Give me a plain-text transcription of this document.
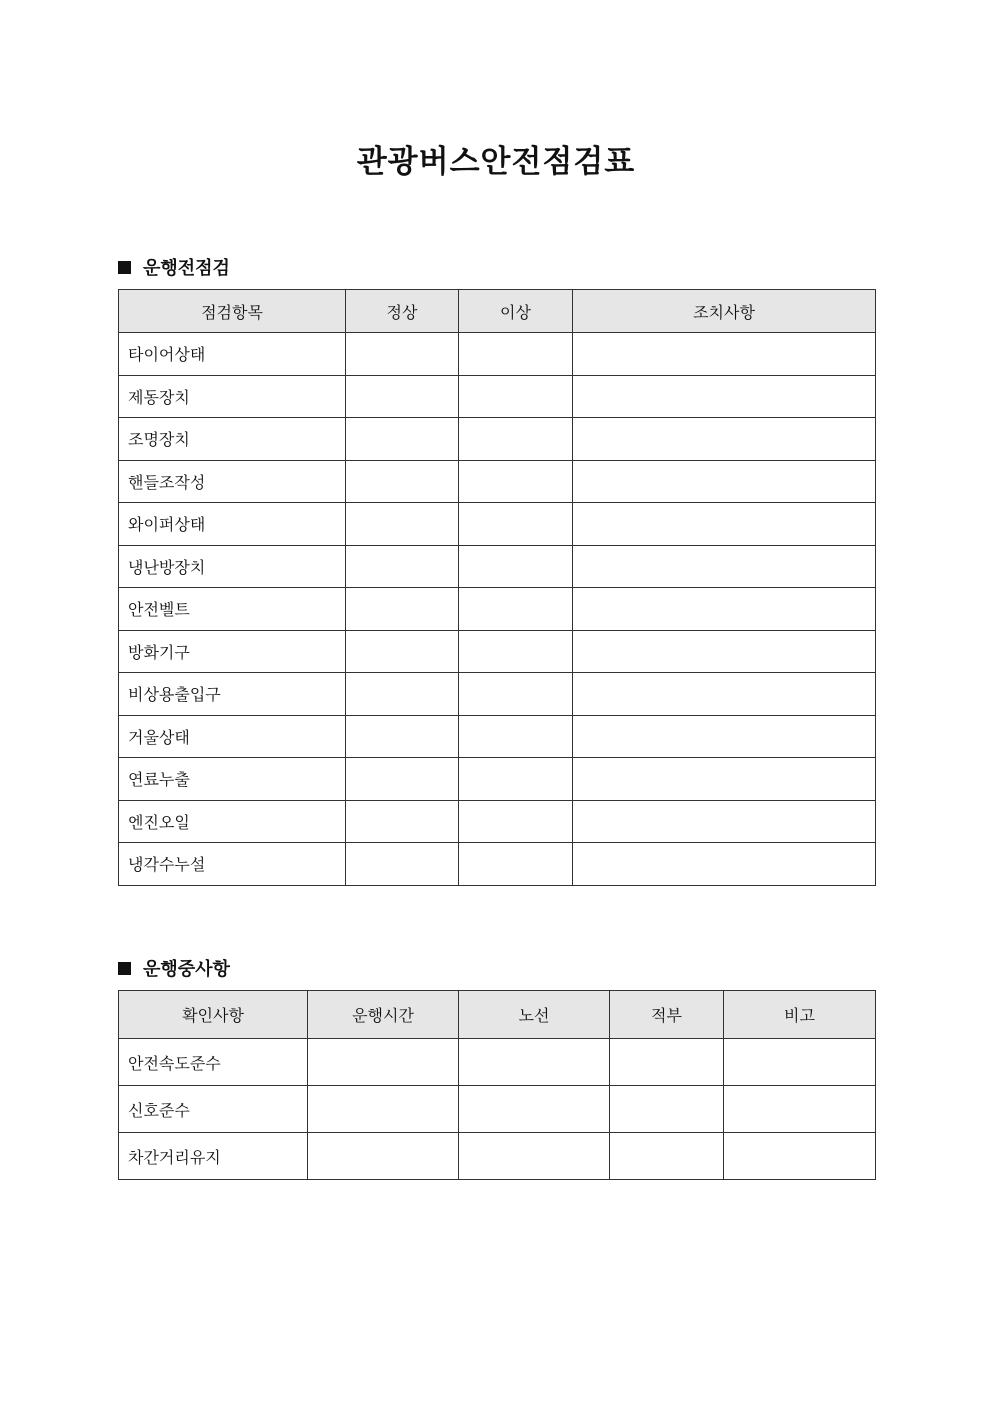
관광버스안전점검표
운행전점검
점검항목	정상	이상	조치사항
타이어상태			
제동장치			
조명장치			
핸들조작성			
와이퍼상태			
냉난방장치			
안전벨트			
방화기구			
비상용출입구			
거울상태			
연료누출			
엔진오일			
냉각수누설			
운행중사항
확인사항	운행시간	노선	적부	비고
안전속도준수				
신호준수				
차간거리유지				
